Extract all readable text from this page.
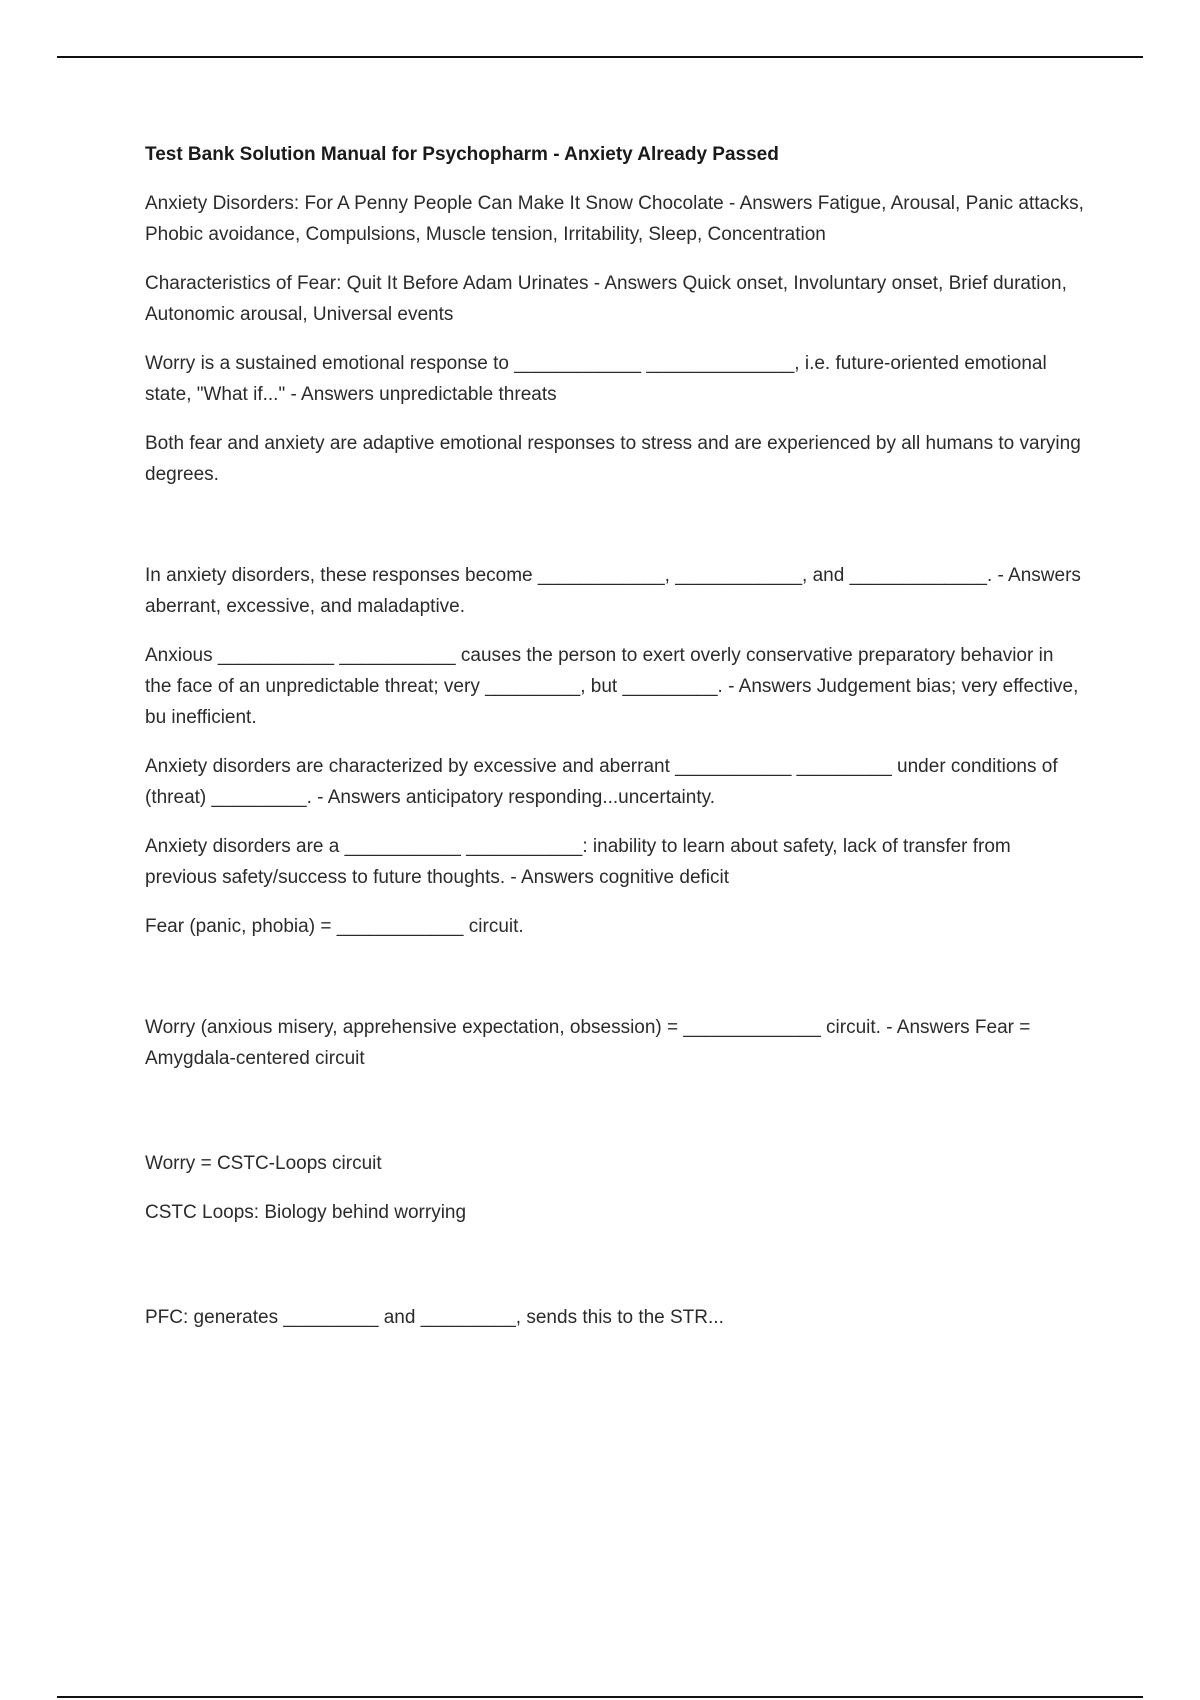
Test Bank Solution Manual for Psychopharm - Anxiety Already Passed

Anxiety Disorders: For A Penny People Can Make It Snow Chocolate - Answers Fatigue, Arousal, Panic attacks, Phobic avoidance, Compulsions, Muscle tension, Irritability, Sleep, Concentration

Characteristics of Fear: Quit It Before Adam Urinates - Answers Quick onset, Involuntary onset, Brief duration, Autonomic arousal, Universal events

Worry is a sustained emotional response to ____________ ______________, i.e. future-oriented emotional state, "What if..." - Answers unpredictable threats

Both fear and anxiety are adaptive emotional responses to stress and are experienced by all humans to varying degrees.

In anxiety disorders, these responses become ____________, ____________, and _____________. - Answers aberrant, excessive, and maladaptive.

Anxious ___________ ___________ causes the person to exert overly conservative preparatory behavior in the face of an unpredictable threat; very _________, but _________. - Answers Judgement bias; very effective, bu inefficient.

Anxiety disorders are characterized by excessive and aberrant ___________ _________ under conditions of (threat) _________. - Answers anticipatory responding...uncertainty.

Anxiety disorders are a ___________ ___________: inability to learn about safety, lack of transfer from previous safety/success to future thoughts. - Answers cognitive deficit

Fear (panic, phobia) = ____________ circuit.

Worry (anxious misery, apprehensive expectation, obsession) = _____________ circuit. - Answers Fear = Amygdala-centered circuit

Worry = CSTC-Loops circuit

CSTC Loops: Biology behind worrying

PFC: generates _________ and _________, sends this to the STR...
